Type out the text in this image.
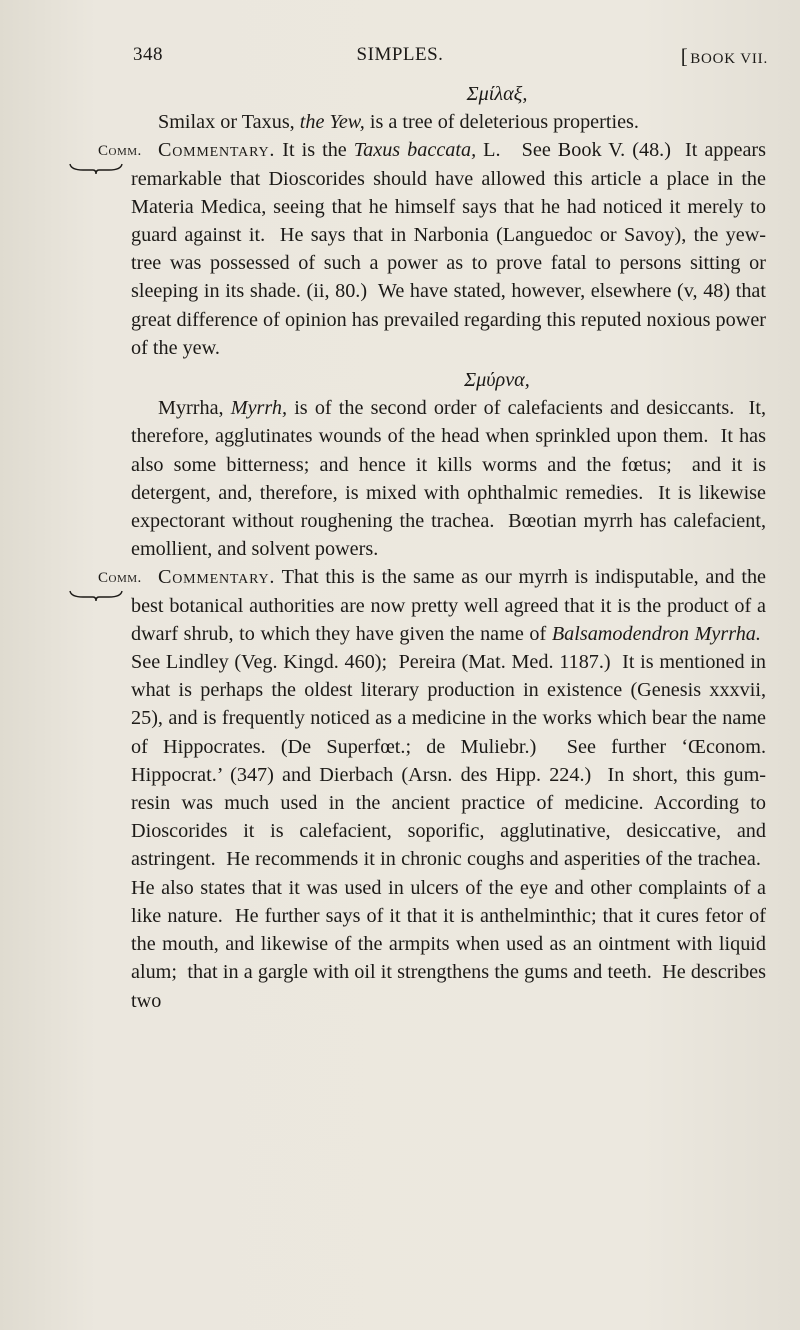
348	SIMPLES.	[ BOOK VII.

Σμίλαξ,

Smilax or Taxus, the Yew, is a tree of deleterious properties.

Comm. Commentary. It is the Taxus baccata, L.   See Book V. (48.)  It appears remarkable that Dioscorides should have allowed this article a place in the Materia Medica, seeing that he himself says that he had noticed it merely to guard against it.  He says that in Narbonia (Languedoc or Savoy), the yew-tree was possessed of such a power as to prove fatal to persons sitting or sleeping in its shade. (ii, 80.)  We have stated, however, elsewhere (v, 48) that great difference of opinion has prevailed regarding this reputed noxious power of the yew.

Σμύρνα,

Myrrha, Myrrh, is of the second order of calefacients and desiccants.  It, therefore, agglutinates wounds of the head when sprinkled upon them.  It has also some bitterness; and hence it kills worms and the fœtus;  and it is detergent, and, therefore, is mixed with ophthalmic remedies.  It is likewise expectorant without roughening the trachea.  Bœotian myrrh has calefacient, emollient, and solvent powers.

Comm. Commentary. That this is the same as our myrrh is indisputable, and the best botanical authorities are now pretty well agreed that it is the product of a dwarf shrub, to which they have given the name of Balsamodendron Myrrha.  See Lindley (Veg. Kingd. 460);  Pereira (Mat. Med. 1187.)  It is mentioned in what is perhaps the oldest literary production in existence (Genesis xxxvii, 25), and is frequently noticed as a medicine in the works which bear the name of Hippocrates. (De Superfœt.; de Muliebr.)  See further ‘Œconom. Hippocrat.’ (347) and Dierbach (Arsn. des Hipp. 224.)  In short, this gum-resin was much used in the ancient practice of medicine. According to Dioscorides it is calefacient, soporific, agglutinative, desiccative, and astringent.  He recommends it in chronic coughs and asperities of the trachea.  He also states that it was used in ulcers of the eye and other complaints of a like nature.  He further says of it that it is anthelminthic; that it cures fetor of the mouth, and likewise of the armpits when used as an ointment with liquid alum;  that in a gargle with oil it strengthens the gums and teeth.  He describes two
